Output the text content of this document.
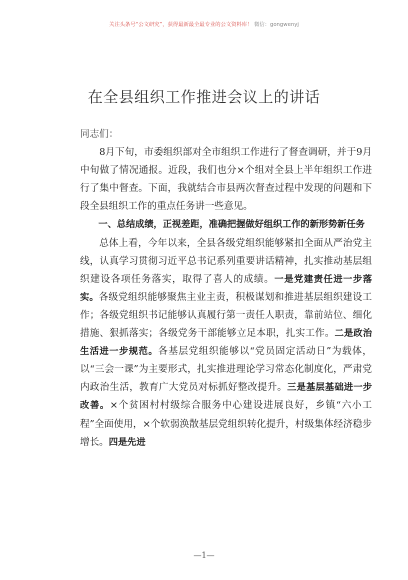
关注头条号“公文研究”，获得最新最全最专业的公文资料库！ 微信：gongwenyj
在全县组织工作推进会议上的讲话

同志们：

8月下旬，市委组织部对全市组织工作进行了督查调研，并于9月中旬做了情况通报。近段，我们也分×个组对全县上半年组织工作进行了集中督查。下面，我就结合市县两次督查过程中发现的问题和下段全县组织工作的重点任务讲一些意见。

一、总结成绩，正视差距，准确把握做好组织工作的新形势新任务

总体上看，今年以来，全县各级党组织能够紧扣全面从严治党主线，认真学习贯彻习近平总书记系列重要讲话精神，扎实推动基层组织建设各项任务落实，取得了喜人的成绩。一是党建责任进一步落实。各级党组织能够聚焦主业主责，积极谋划和推进基层组织建设工作；各级党组织书记能够认真履行第一责任人职责，靠前站位、细化措施、狠抓落实；各级党务干部能够立足本职，扎实工作。二是政治生活进一步规范。各基层党组织能够以“党员固定活动日”为载体，以“三会一课”为主要形式，扎实推进理论学习常态化制度化，严肃党内政治生活，教育广大党员对标抓好整改提升。三是基层基础进一步改善。×个贫困村村级综合服务中心建设进展良好，乡镇“六小工程”全面使用，×个软弱涣散基层党组织转化提升，村级集体经济稳步增长。四是先进

—1—
